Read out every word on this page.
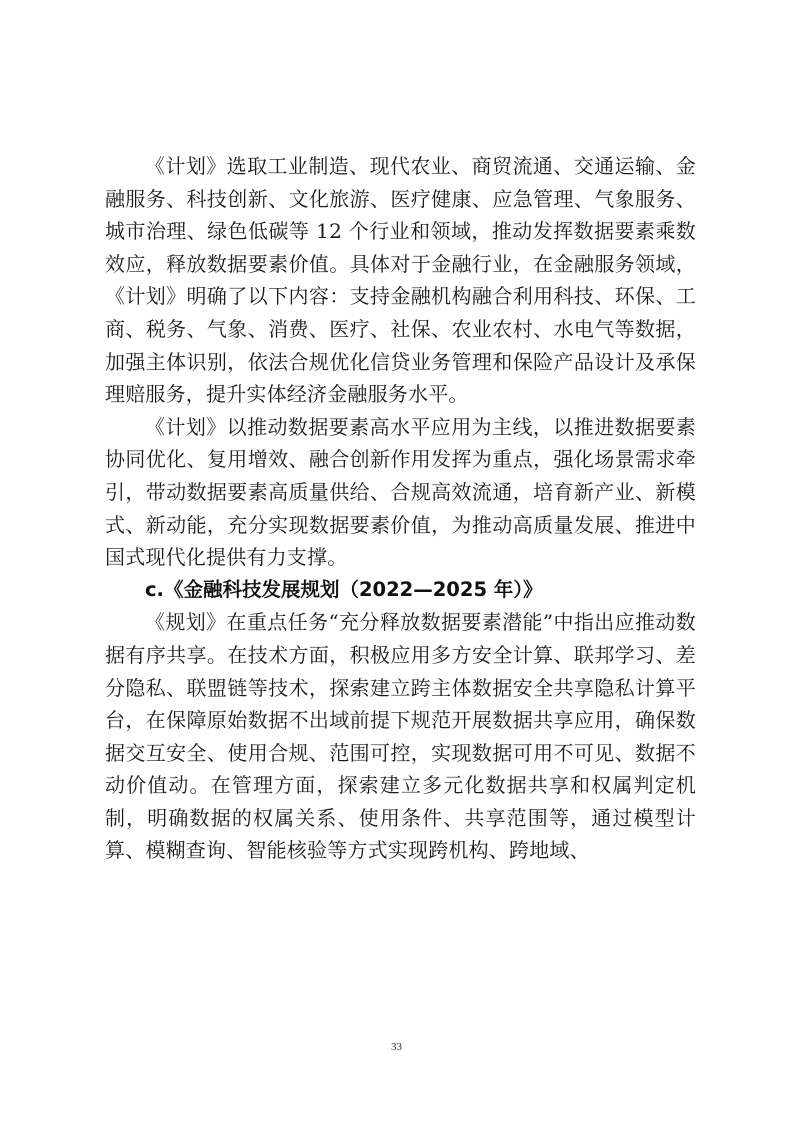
《计划》选取工业制造、现代农业、商贸流通、交通运输、金融服务、科技创新、文化旅游、医疗健康、应急管理、气象服务、城市治理、绿色低碳等 12 个行业和领域，推动发挥数据要素乘数效应，释放数据要素价值。具体对于金融行业，在金融服务领域，《计划》明确了以下内容：支持金融机构融合利用科技、环保、工商、税务、气象、消费、医疗、社保、农业农村、水电气等数据，加强主体识别，依法合规优化信贷业务管理和保险产品设计及承保理赔服务，提升实体经济金融服务水平。

《计划》以推动数据要素高水平应用为主线，以推进数据要素协同优化、复用增效、融合创新作用发挥为重点，强化场景需求牵引，带动数据要素高质量供给、合规高效流通，培育新产业、新模式、新动能，充分实现数据要素价值，为推动高质量发展、推进中国式现代化提供有力支撑。

c.《金融科技发展规划（2022—2025 年）》

《规划》在重点任务“充分释放数据要素潜能”中指出应推动数据有序共享。在技术方面，积极应用多方安全计算、联邦学习、差分隐私、联盟链等技术，探索建立跨主体数据安全共享隐私计算平台，在保障原始数据不出域前提下规范开展数据共享应用，确保数据交互安全、使用合规、范围可控，实现数据可用不可见、数据不动价值动。在管理方面，探索建立多元化数据共享和权属判定机制，明确数据的权属关系、使用条件、共享范围等，通过模型计算、模糊查询、智能核验等方式实现跨机构、跨地域、

33
